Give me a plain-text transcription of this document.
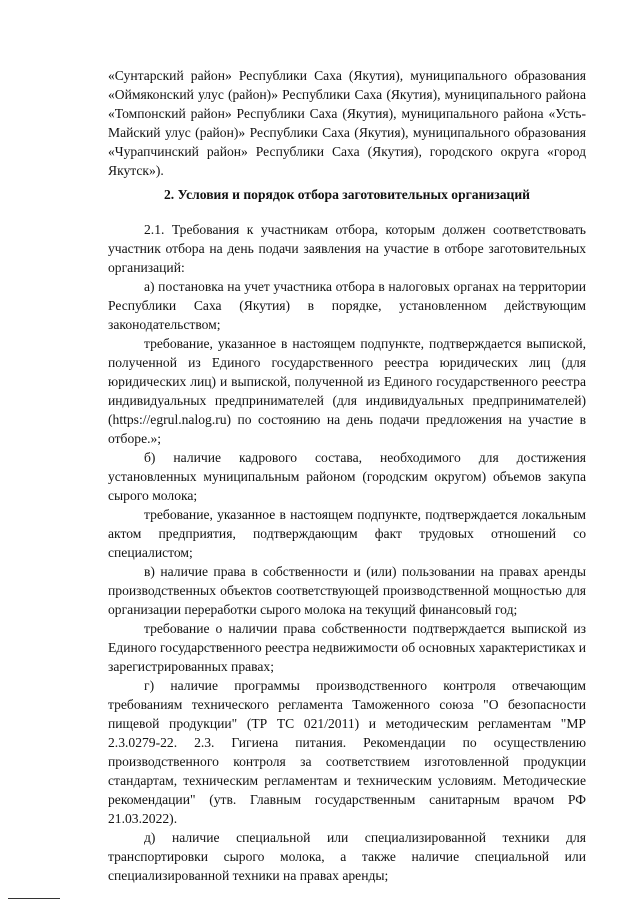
«Сунтарский район» Республики Саха (Якутия), муниципального образования «Оймяконский улус (район)» Республики Саха (Якутия), муниципального района «Томпонский район» Республики Саха (Якутия), муниципального района «Усть-Майский улус (район)» Республики Саха (Якутия), муниципального образования «Чурапчинский район» Республики Саха (Якутия), городского округа «город Якутск»).

2. Условия и порядок отбора заготовительных организаций

2.1. Требования к участникам отбора, которым должен соответствовать участник отбора на день подачи заявления на участие в отборе заготовительных организаций:

а) постановка на учет участника отбора в налоговых органах на территории Республики Саха (Якутия) в порядке, установленном действующим законодательством;

требование, указанное в настоящем подпункте, подтверждается выпиской, полученной из Единого государственного реестра юридических лиц (для юридических лиц) и выпиской, полученной из Единого государственного реестра индивидуальных предпринимателей (для индивидуальных предпринимателей) (https://egrul.nalog.ru) по состоянию на день подачи предложения на участие в отборе.»;

б) наличие кадрового состава, необходимого для достижения установленных муниципальным районом (городским округом) объемов закупа сырого молока;

требование, указанное в настоящем подпункте, подтверждается локальным актом предприятия, подтверждающим факт трудовых отношений со специалистом;

в) наличие права в собственности и (или) пользовании на правах аренды производственных объектов соответствующей производственной мощностью для организации переработки сырого молока на текущий финансовый год;

требование о наличии права собственности подтверждается выпиской из Единого государственного реестра недвижимости об основных характеристиках и зарегистрированных правах;

г) наличие программы производственного контроля отвечающим требованиям технического регламента Таможенного союза "О безопасности пищевой продукции" (ТР ТС 021/2011) и методическим регламентам "МР 2.3.0279-22. 2.3. Гигиена питания. Рекомендации по осуществлению производственного контроля за соответствием изготовленной продукции стандартам, техническим регламентам и техническим условиям. Методические рекомендации" (утв. Главным государственным санитарным врачом РФ 21.03.2022).

д) наличие специальной или специализированной техники для транспортировки сырого молока, а также наличие специальной или специализированной техники на правах аренды;
